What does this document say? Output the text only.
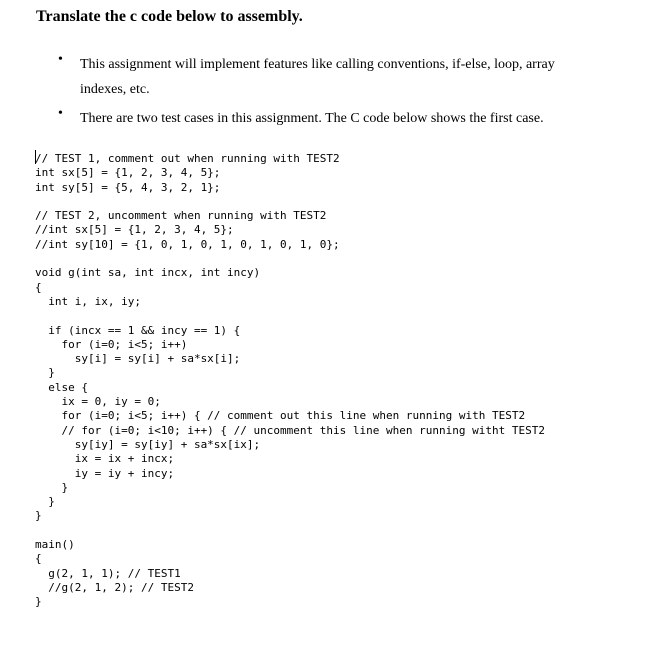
Translate the c code below to assembly.
• This assignment will implement features like calling conventions, if-else, loop, array indexes, etc.
• There are two test cases in this assignment. The C code below shows the first case.
// TEST 1, comment out when running with TEST2
int sx[5] = {1, 2, 3, 4, 5};
int sy[5] = {5, 4, 3, 2, 1};

// TEST 2, uncomment when running with TEST2
//int sx[5] = {1, 2, 3, 4, 5};
//int sy[10] = {1, 0, 1, 0, 1, 0, 1, 0, 1, 0};

void g(int sa, int incx, int incy)
{
int i, ix, iy;

if (incx == 1 && incy == 1) {
for (i=0; i<5; i++)
sy[i] = sy[i] + sa*sx[i];
}
else {
ix = 0, iy = 0;
for (i=0; i<5; i++) { // comment out this line when running with TEST2
// for (i=0; i<10; i++) { // uncomment this line when running witht TEST2
sy[iy] = sy[iy] + sa*sx[ix];
ix = ix + incx;
iy = iy + incy;
}
}
}

main()
{
g(2, 1, 1); // TEST1
//g(2, 1, 2); // TEST2
}
